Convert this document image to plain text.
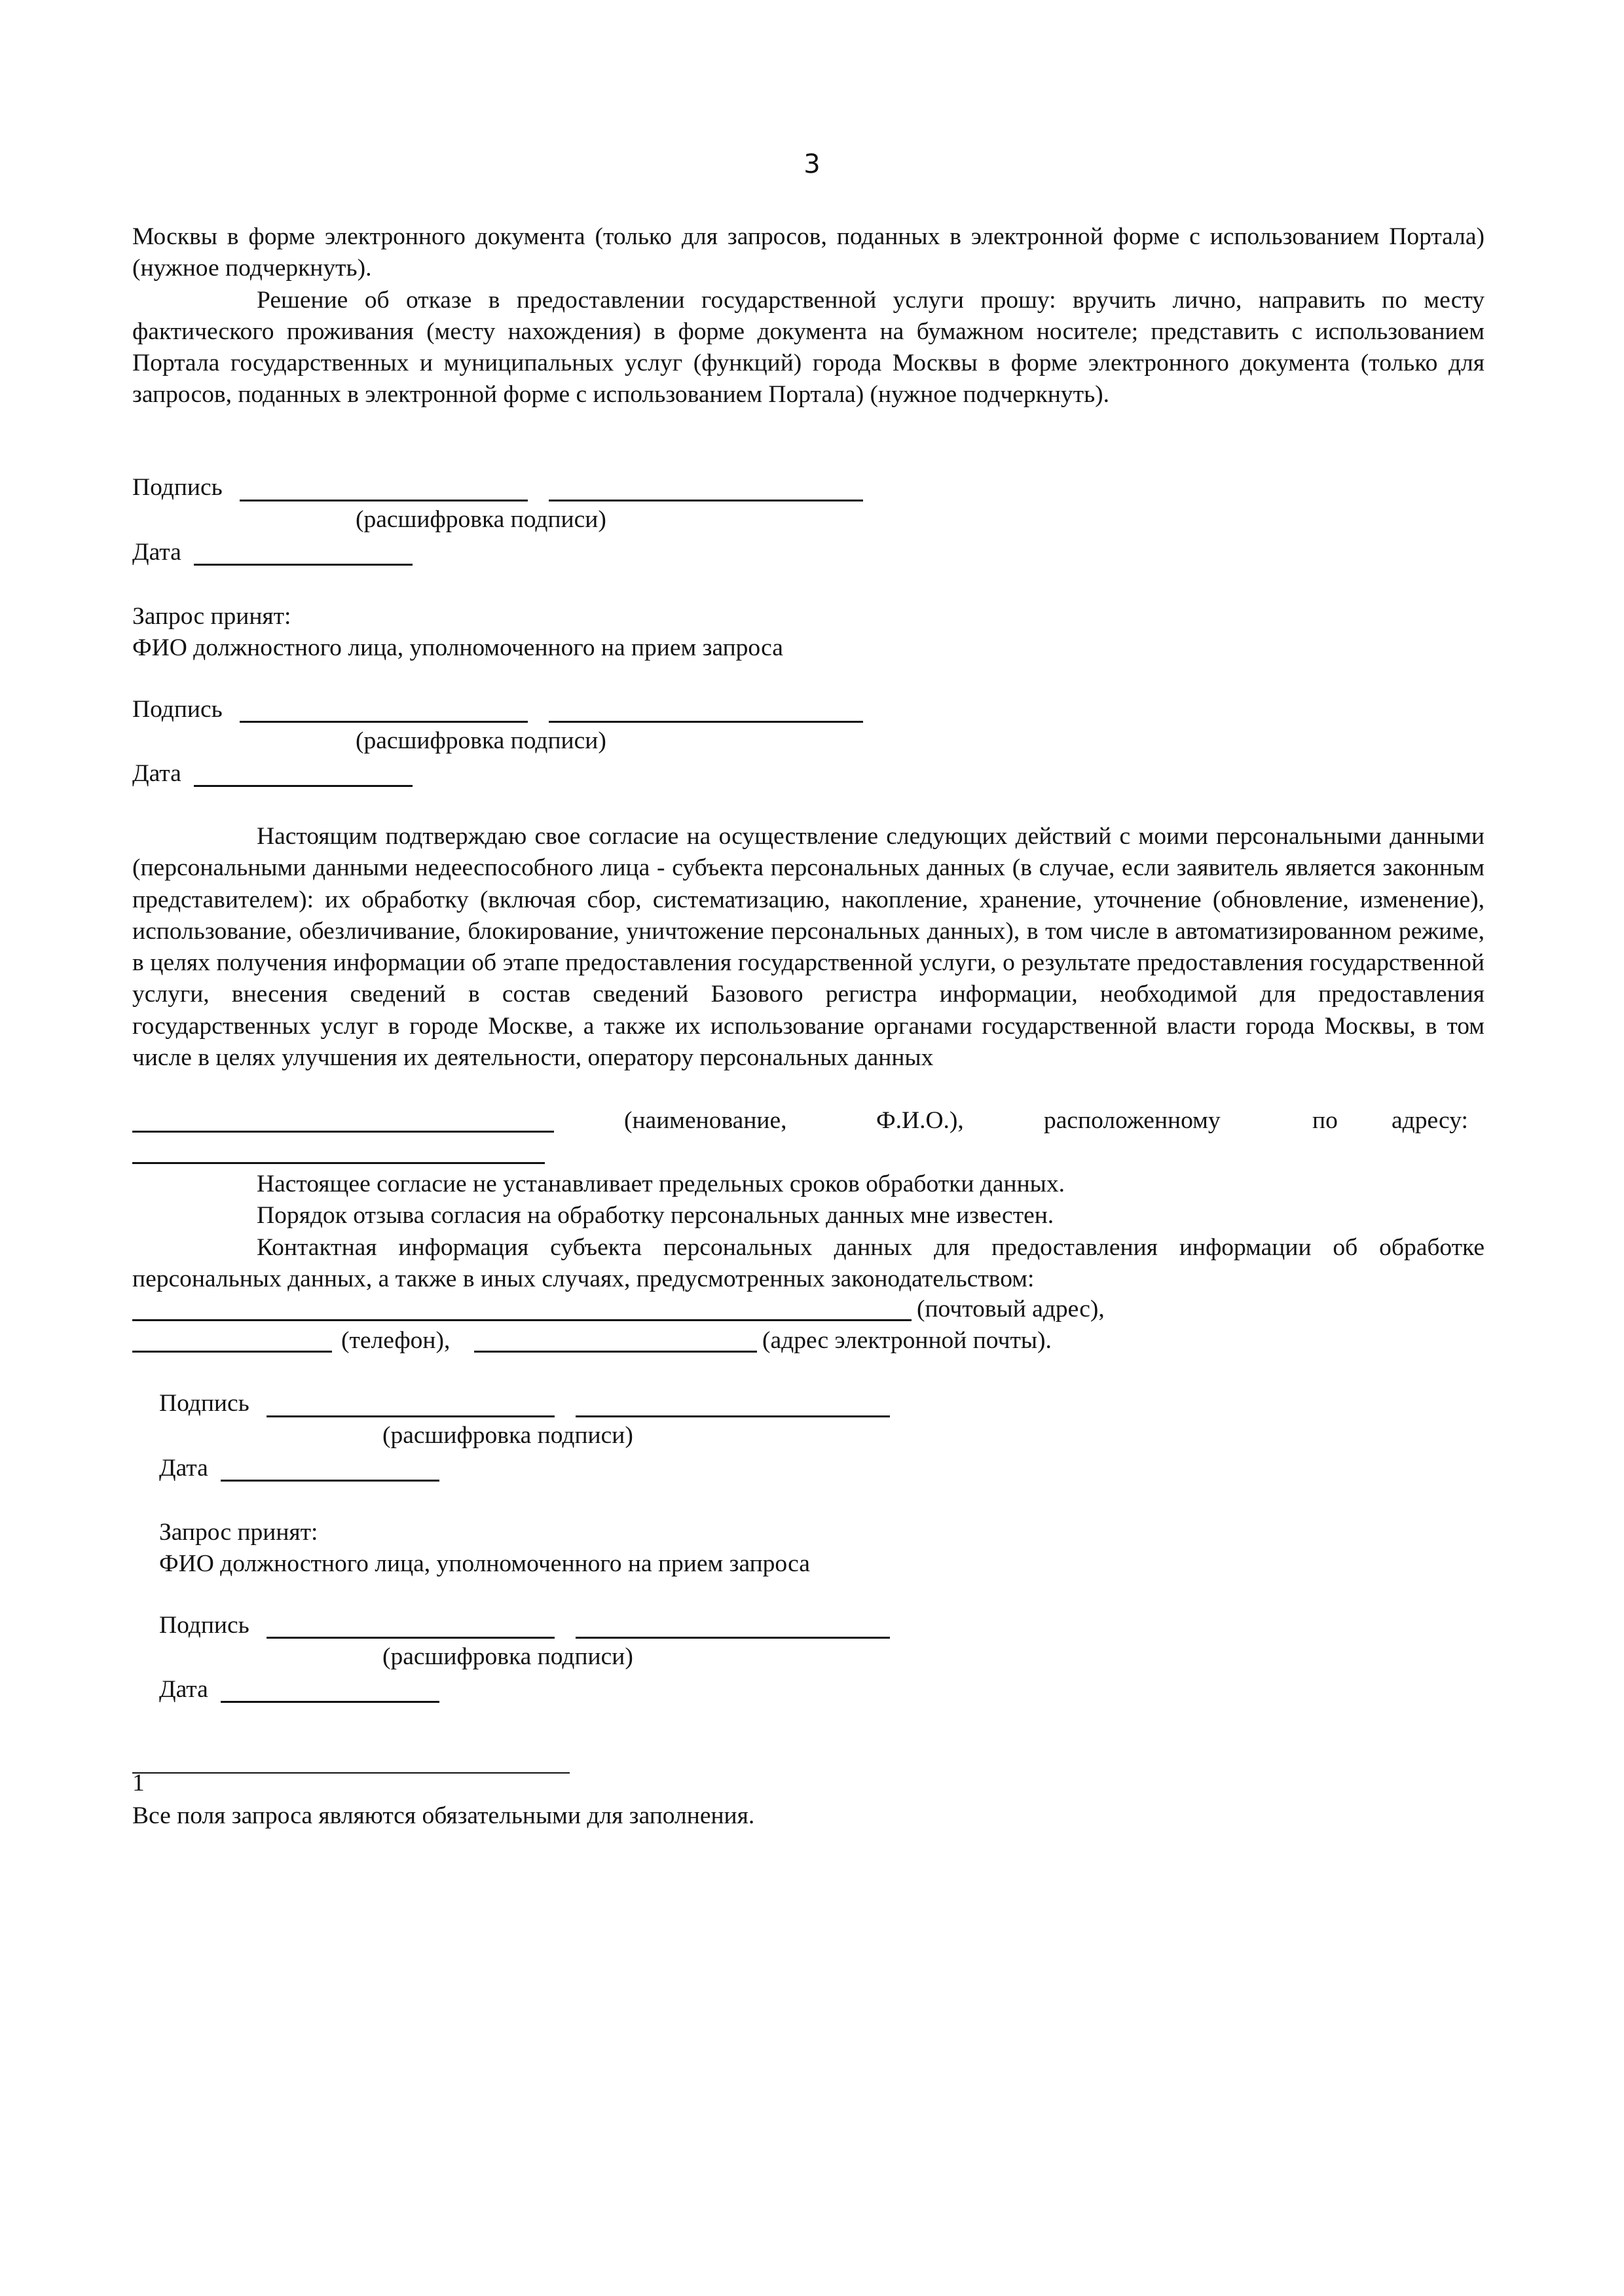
3

Москвы в форме электронного документа (только для запросов, поданных в электронной форме с использованием Портала) (нужное подчеркнуть).

Решение об отказе в предоставлении государственной услуги прошу: вручить лично, направить по месту фактического проживания (месту нахождения) в форме документа на бумажном носителе; представить с использованием Портала государственных и муниципальных услуг (функций) города Москвы в форме электронного документа (только для запросов, поданных в электронной форме с использованием Портала) (нужное подчеркнуть).

Подпись
(расшифровка подписи)
Дата
Запрос принят:
ФИО должностного лица, уполномоченного на прием запроса
Подпись
(расшифровка подписи)
Дата

Настоящим подтверждаю свое согласие на осуществление следующих действий с моими персональными данными (персональными данными недееспособного лица - субъекта персональных данных (в случае, если заявитель является законным представителем): их обработку (включая сбор, систематизацию, накопление, хранение, уточнение (обновление, изменение), использование, обезличивание, блокирование, уничтожение персональных данных), в том числе в автоматизированном режиме, в целях получения информации об этапе предоставления государственной услуги, о результате предоставления государственной услуги, внесения сведений в состав сведений Базового регистра информации, необходимой для предоставления государственных услуг в городе Москве, а также их использование органами государственной власти города Москвы, в том числе в целях улучшения их деятельности, оператору персональных данных

(наименование,	Ф.И.О.),	расположенному	по адресу:

Настоящее согласие не устанавливает предельных сроков обработки данных.

Порядок отзыва согласия на обработку персональных данных мне известен.

Контактная информация субъекта персональных данных для предоставления информации об обработке персональных данных, а также в иных случаях, предусмотренных законодательством:

(почтовый адрес),
(телефон),	(адрес электронной почты).
Подпись
(расшифровка подписи)
Дата
Запрос принят:
ФИО должностного лица, уполномоченного на прием запроса
Подпись
(расшифровка подписи)
Дата
1
Все поля запроса являются обязательными для заполнения.
